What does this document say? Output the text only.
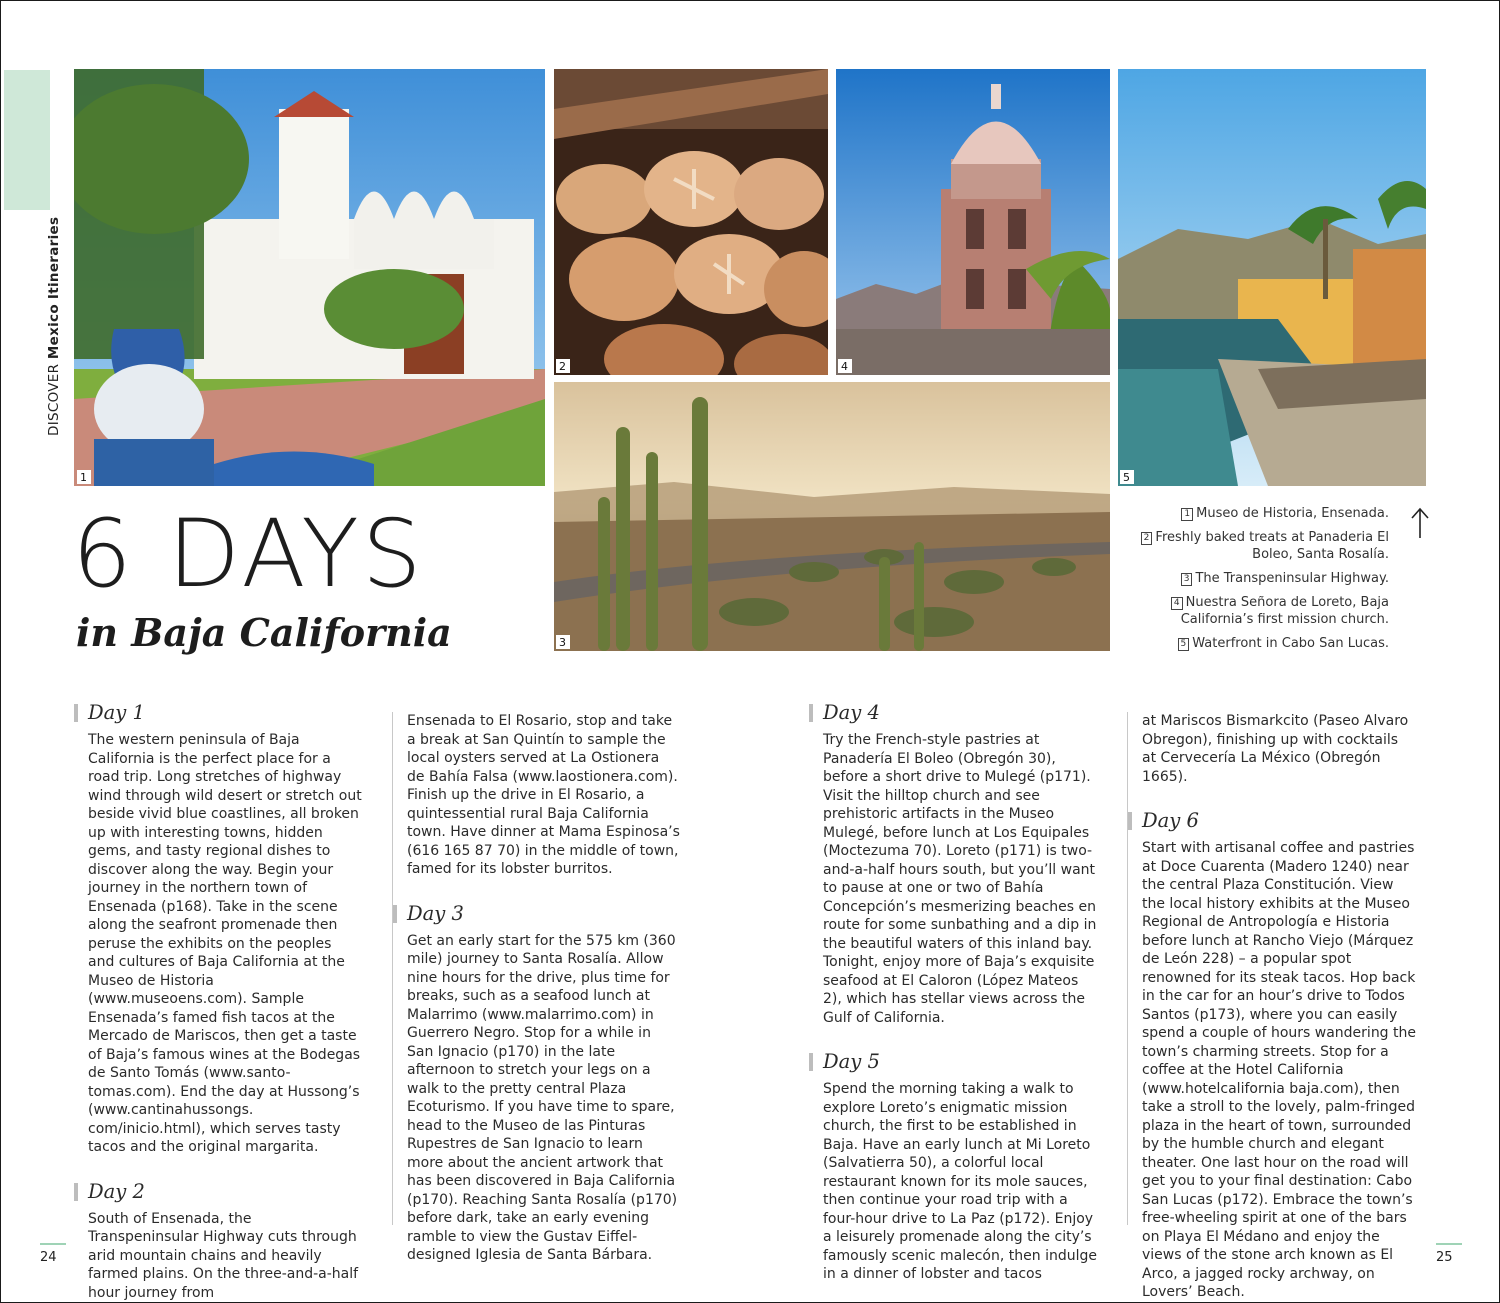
DISCOVER Mexico Itineraries
1
2	4
5
3
6 DAYS
in Baja California
1 Museo de Historia, Ensenada.
2 Freshly baked treats at Panaderia El Boleo, Santa Rosalía.
3 The Transpeninsular Highway.
4 Nuestra Señora de Loreto, Baja California’s first mission church.
5 Waterfront in Cabo San Lucas.
Day 1

The western peninsula of Baja California is the perfect place for a road trip. Long stretches of highway wind through wild desert or stretch out beside vivid blue coastlines, all broken up with interesting towns, hidden gems, and tasty regional dishes to discover along the way. Begin your journey in the northern town of Ensenada (p168). Take in the scene along the seafront promenade then peruse the exhibits on the peoples and cultures of Baja California at the Museo de Historia (www.museoens.com). Sample Ensenada’s famed fish tacos at the Mercado de Mariscos, then get a taste of Baja’s famous wines at the Bodegas de Santo Tomás (www.santo-tomas.com). End the day at Hussong’s (www.cantinahussongs. com/inicio.html), which serves tasty tacos and the original margarita.

Day 2

South of Ensenada, the Transpeninsular Highway cuts through arid mountain chains and heavily farmed plains. On the three-and-a-half hour journey from

Ensenada to El Rosario, stop and take a break at San Quintín to sample the local oysters served at La Ostionera de Bahía Falsa (www.laostionera.com). Finish up the drive in El Rosario, a quintessential rural Baja California town. Have dinner at Mama Espinosa’s (616 165 87 70) in the middle of town, famed for its lobster burritos.

Day 3

Get an early start for the 575 km (360 mile) journey to Santa Rosalía. Allow nine hours for the drive, plus time for breaks, such as a seafood lunch at Malarrimo (www.malarrimo.com) in Guerrero Negro. Stop for a while in San Ignacio (p170) in the late afternoon to stretch your legs on a walk to the pretty central Plaza Ecoturismo. If you have time to spare, head to the Museo de las Pinturas Rupestres de San Ignacio to learn more about the ancient artwork that has been discovered in Baja California (p170). Reaching Santa Rosalía (p170) before dark, take an early evening ramble to view the Gustav Eiffel-designed Iglesia de Santa Bárbara.

Day 4

Try the French-style pastries at Panadería El Boleo (Obregón 30), before a short drive to Mulegé (p171). Visit the hilltop church and see prehistoric artifacts in the Museo Mulegé, before lunch at Los Equipales (Moctezuma 70). Loreto (p171) is two-and-a-half hours south, but you’ll want to pause at one or two of Bahía Concepción’s mesmerizing beaches en route for some sunbathing and a dip in the beautiful waters of this inland bay. Tonight, enjoy more of Baja’s exquisite seafood at El Caloron (López Mateos 2), which has stellar views across the Gulf of California.

Day 5

Spend the morning taking a walk to explore Loreto’s enigmatic mission church, the first to be established in Baja. Have an early lunch at Mi Loreto (Salvatierra 50), a colorful local restaurant known for its mole sauces, then continue your road trip with a four-hour drive to La Paz (p172). Enjoy a leisurely promenade along the city’s famously scenic malecón, then indulge in a dinner of lobster and tacos

at Mariscos Bismarkcito (Paseo Alvaro Obregon), finishing up with cocktails at Cervecería La México (Obregón 1665).

Day 6

Start with artisanal coffee and pastries at Doce Cuarenta (Madero 1240) near the central Plaza Constitución. View the local history exhibits at the Museo Regional de Antropología e Historia before lunch at Rancho Viejo (Márquez de León 228) – a popular spot renowned for its steak tacos. Hop back in the car for an hour’s drive to Todos Santos (p173), where you can easily spend a couple of hours wandering the town’s charming streets. Stop for a coffee at the Hotel California (www.hotelcalifornia baja.com), then take a stroll to the lovely, palm-fringed plaza in the heart of town, surrounded by the humble church and elegant theater. One last hour on the road will get you to your final destination: Cabo San Lucas (p172). Embrace the town’s free-wheeling spirit at one of the bars on Playa El Médano and enjoy the views of the stone arch known as El Arco, a jagged rocky archway, on Lovers’ Beach.

24	25
